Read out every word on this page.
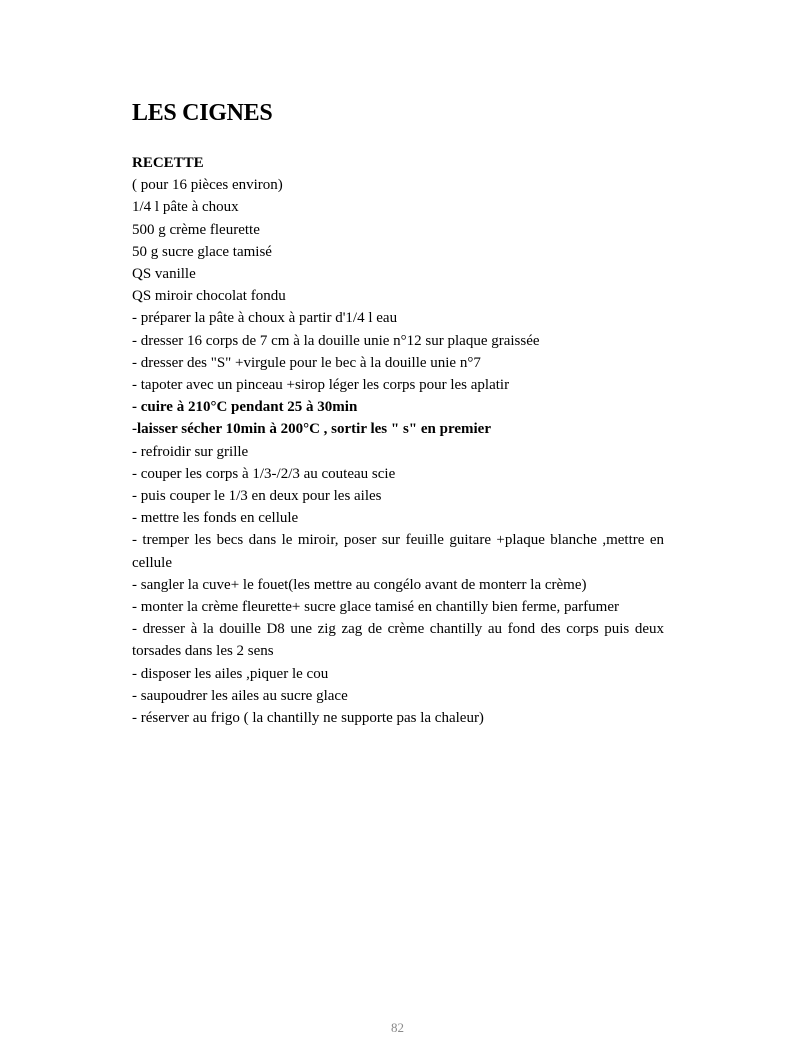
LES CIGNES
RECETTE
( pour 16 pièces environ)
1/4 l pâte à choux
500 g crème fleurette
50 g sucre glace tamisé
QS vanille
QS miroir chocolat fondu
- préparer la pâte à choux à partir d'1/4 l eau
- dresser 16 corps de 7 cm à la douille unie n°12 sur plaque graissée
- dresser des "S" +virgule pour le bec à la douille unie n°7
- tapoter avec un pinceau +sirop léger les corps pour les aplatir
- cuire à 210°C pendant 25 à 30min
-laisser sécher 10min à 200°C , sortir les " s" en premier
- refroidir sur grille
- couper les corps à 1/3-/2/3 au couteau scie
- puis couper le 1/3 en deux pour les ailes
- mettre les fonds en cellule
- tremper les becs dans le miroir, poser sur feuille guitare +plaque blanche ,mettre en cellule
- sangler la cuve+ le fouet(les mettre au congélo avant de monterr la crème)
- monter la crème fleurette+ sucre glace tamisé en chantilly bien ferme, parfumer
- dresser à la douille D8 une zig zag de crème chantilly au fond des corps puis deux torsades dans les 2 sens
- disposer les ailes ,piquer le cou
- saupoudrer les ailes au sucre glace
- réserver au frigo ( la chantilly ne supporte pas la chaleur)
82
